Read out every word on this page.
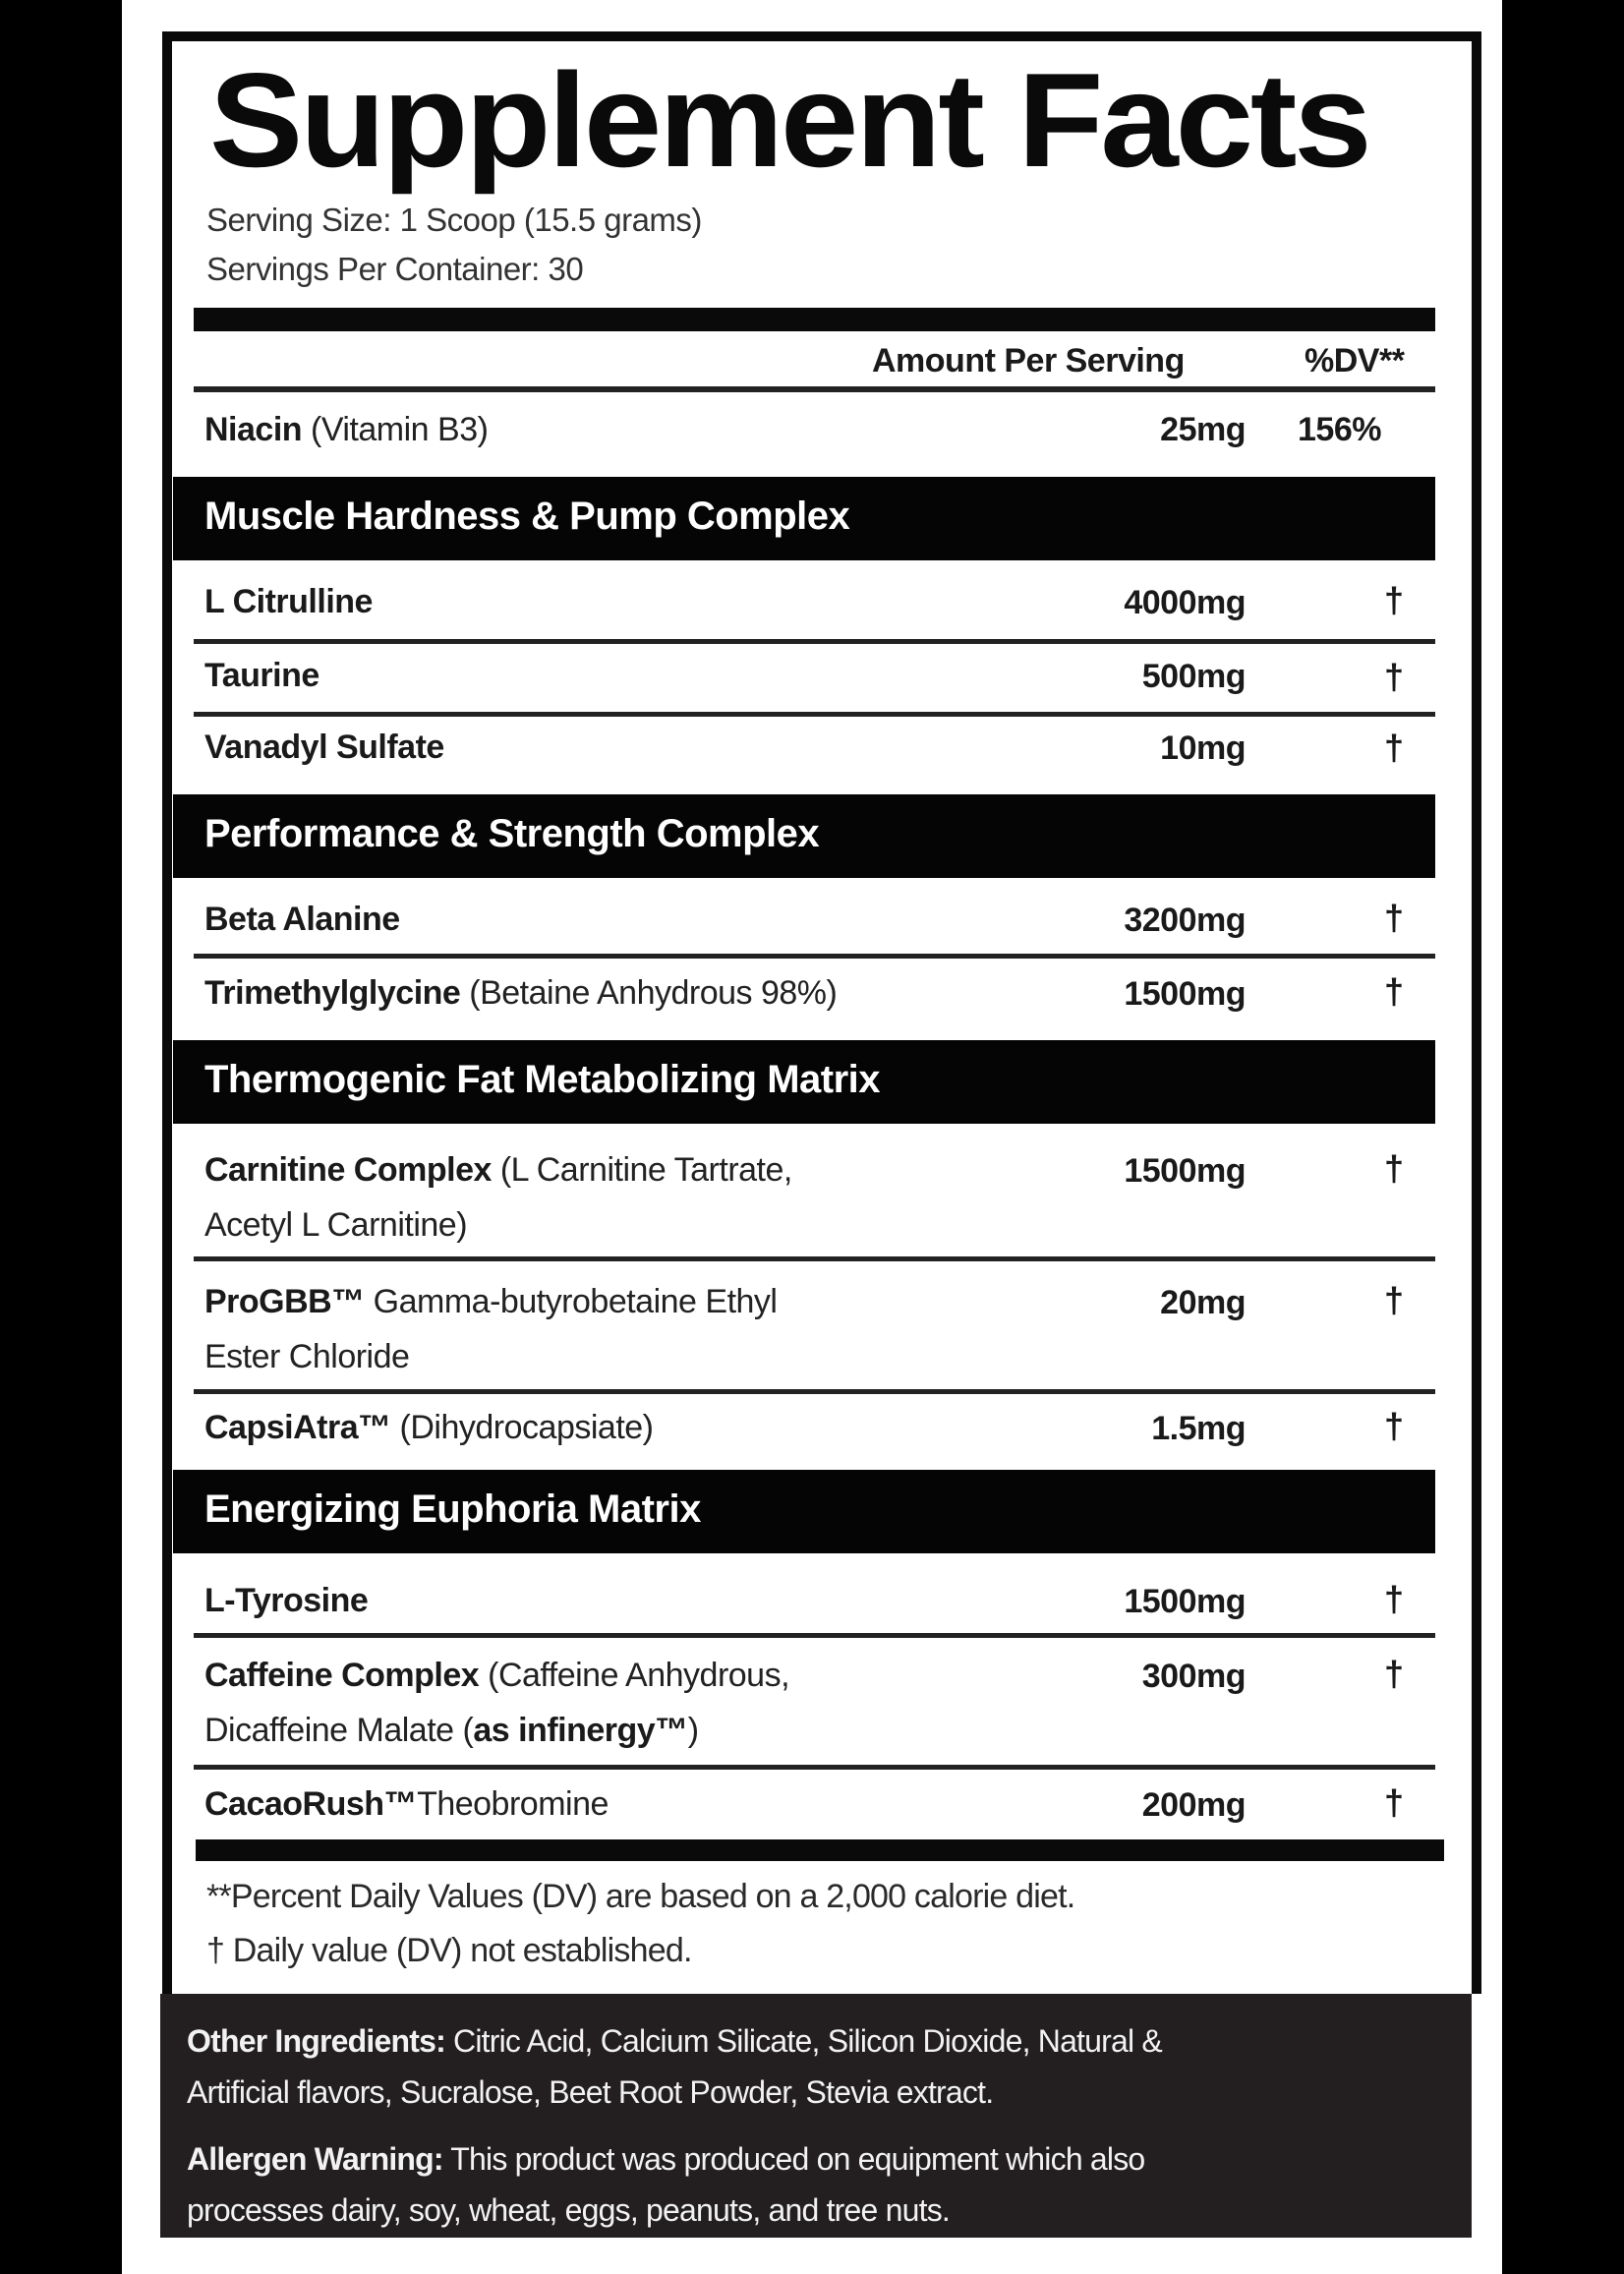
Supplement Facts
Serving Size: 1 Scoop (15.5 grams)
Servings Per Container: 30
Amount Per Serving	%DV**
Niacin (Vitamin B3)	25mg 156%
Muscle Hardness & Pump Complex
L Citrulline	4000mg	†
Taurine	500mg	†
Vanadyl Sulfate	10mg	†
Performance & Strength Complex
Beta Alanine	3200mg	†
Trimethylglycine (Betaine Anhydrous 98%)	1500mg	†
Thermogenic Fat Metabolizing Matrix
Carnitine Complex (L Carnitine Tartrate,
Acetyl L Carnitine)
1500mg	†
ProGBB™ Gamma-butyrobetaine Ethyl
Ester Chloride
20mg	†
CapsiAtra™ (Dihydrocapsiate)	1.5mg	†
Energizing Euphoria Matrix
L-Tyrosine	1500mg	†
Caffeine Complex (Caffeine Anhydrous,
Dicaffeine Malate (as infinergy™)
300mg	†
CacaoRush™Theobromine	200mg	†
**Percent Daily Values (DV) are based on a 2,000 calorie diet.
† Daily value (DV) not established.
Other Ingredients: Citric Acid, Calcium Silicate, Silicon Dioxide, Natural &
Artificial flavors, Sucralose, Beet Root Powder, Stevia extract.
Allergen Warning: This product was produced on equipment which also
processes dairy, soy, wheat, eggs, peanuts, and tree nuts.
